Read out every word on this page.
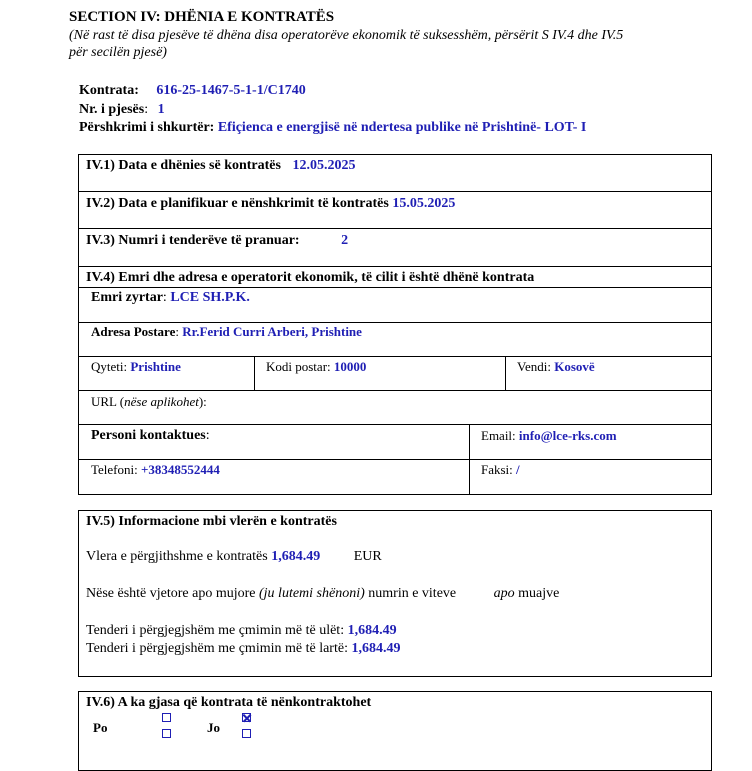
SECTION IV: DHËNIA E KONTRATËS
(Në rast të disa pjesëve të dhëna disa operatorëve ekonomik të suksesshëm, përsërit S IV.4 dhe IV.5
për secilën pjesë)
Kontrata: 616-25-1467-5-1-1/C1740
Nr. i pjesës: 1
Përshkrimi i shkurtër: Efiçienca e energjisë në ndertesa publike në Prishtinë- LOT- I
IV.1) Data e dhënies së kontratës 12.05.2025
IV.2) Data e planifikuar e nënshkrimit të kontratës 15.05.2025
IV.3) Numri i tenderëve të pranuar:	2
IV.4) Emri dhe adresa e operatorit ekonomik, të cilit i është dhënë kontrata
Emri zyrtar: LCE SH.P.K.
Adresa Postare: Rr.Ferid Curri Arberi, Prishtine
Qyteti: Prishtine	Kodi postar: 10000	Vendi: Kosovë
URL (nëse aplikohet):
Personi kontaktues:	Email: info@lce-rks.com
Telefoni: +38348552444	Faksi: /
IV.5) Informacione mbi vlerën e kontratës
Vlera e përgjithshme e kontratës 1,684.49 EUR
Nëse është vjetore apo mujore (ju lutemi shënoni) numrin e viteve	apo muajve
Tenderi i përgjegjshëm me çmimin më të ulët: 1,684.49
Tenderi i përgjegjshëm me çmimin më të lartë: 1,684.49
IV.6) A ka gjasa që kontrata të nënkontraktohet
Po	Jo
